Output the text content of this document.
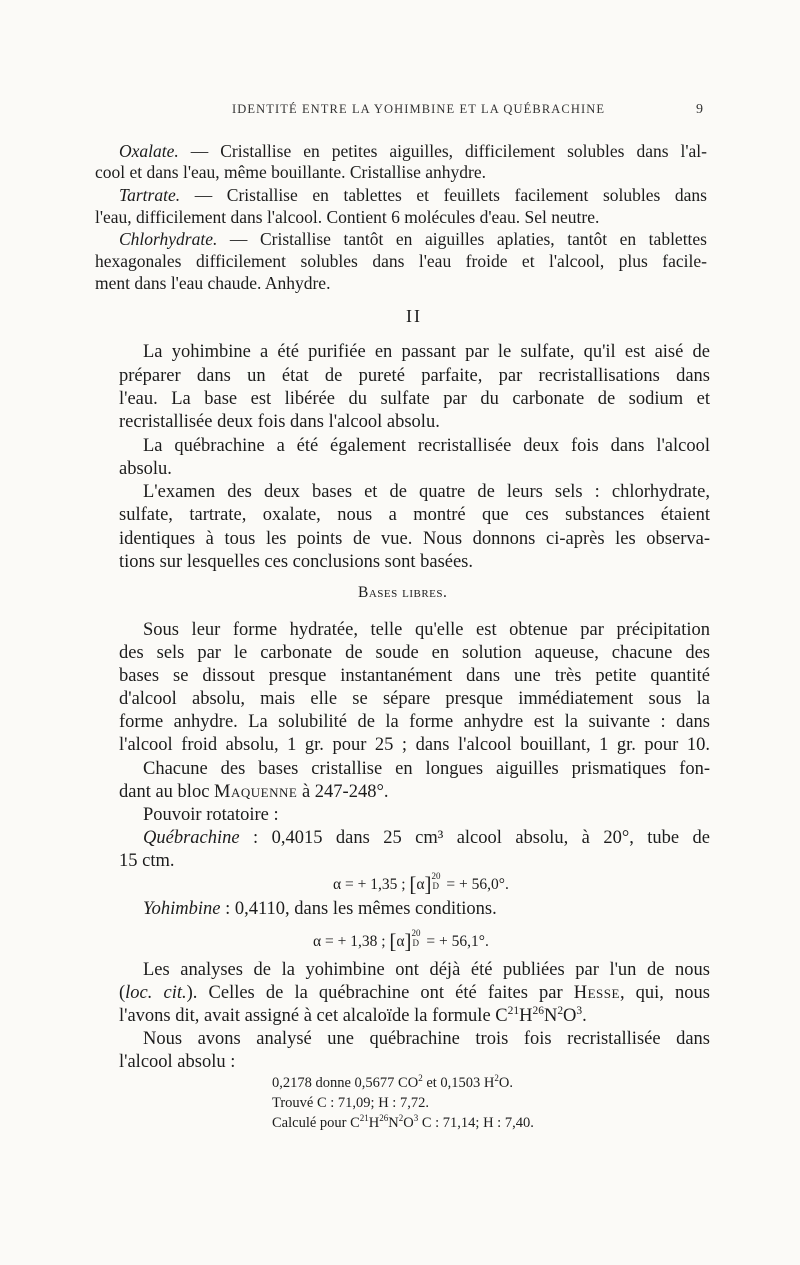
IDENTITÉ ENTRE LA YOHIMBINE ET LA QUÉBRACHINE	9
Oxalate. — Cristallise en petites aiguilles, difficilement solubles dans l'al-
cool et dans l'eau, même bouillante. Cristallise anhydre.
Tartrate. — Cristallise en tablettes et feuillets facilement solubles dans
l'eau, difficilement dans l'alcool. Contient 6 molécules d'eau. Sel neutre.
Chlorhydrate. — Cristallise tantôt en aiguilles aplaties, tantôt en tablettes
hexagonales difficilement solubles dans l'eau froide et l'alcool, plus facile-
ment dans l'eau chaude. Anhydre.
II
La yohimbine a été purifiée en passant par le sulfate, qu'il est aisé de
préparer dans un état de pureté parfaite, par recristallisations dans
l'eau. La base est libérée du sulfate par du carbonate de sodium et
recristallisée deux fois dans l'alcool absolu.
La québrachine a été également recristallisée deux fois dans l'alcool
absolu.
L'examen des deux bases et de quatre de leurs sels : chlorhydrate,
sulfate, tartrate, oxalate, nous a montré que ces substances étaient
identiques à tous les points de vue. Nous donnons ci-après les observa-
tions sur lesquelles ces conclusions sont basées.
Bases libres.
Sous leur forme hydratée, telle qu'elle est obtenue par précipitation
des sels par le carbonate de soude en solution aqueuse, chacune des
bases se dissout presque instantanément dans une très petite quantité
d'alcool absolu, mais elle se sépare presque immédiatement sous la
forme anhydre. La solubilité de la forme anhydre est la suivante : dans
l'alcool froid absolu, 1 gr. pour 25 ; dans l'alcool bouillant, 1 gr. pour 10.
Chacune des bases cristallise en longues aiguilles prismatiques fon-
dant au bloc Maquenne à 247-248°.
Pouvoir rotatoire :
Québrachine : 0,4015 dans 25 cm³ alcool absolu, à 20°, tube de
15 ctm.
α = + 1,35 ; [α] 20
D = + 56,0°.
Yohimbine : 0,4110, dans les mêmes conditions.
α = + 1,38 ; [α] 20
D = + 56,1°.
Les analyses de la yohimbine ont déjà été publiées par l'un de nous
(loc. cit.). Celles de la québrachine ont été faites par Hesse, qui, nous
l'avons dit, avait assigné à cet alcaloïde la formule $C^{21}H^{26}N^2O^3$.
Nous avons analysé une québrachine trois fois recristallisée dans
l'alcool absolu :
0,2178 donne 0,5677 $CO^2$ et 0,1503 $H^2O$.
Trouvé C : 71,09; H : 7,72.
Calculé pour $C^{21}H^{26}N^2O^3$ C : 71,14; H : 7,40.
